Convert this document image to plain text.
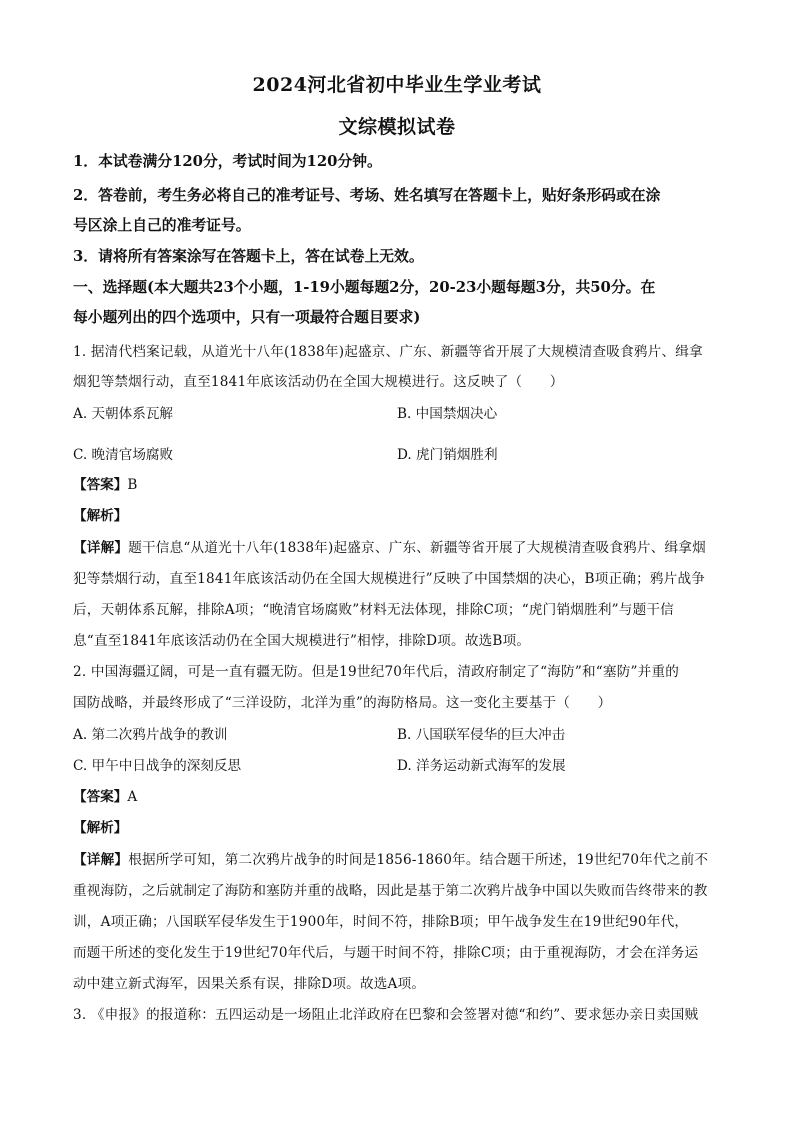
2024河北省初中毕业生学业考试
文综模拟试卷
1．本试卷满分120分，考试时间为120分钟。
2．答卷前，考生务必将自己的准考证号、考场、姓名填写在答题卡上，贴好条形码或在涂
号区涂上自己的准考证号。
3．请将所有答案涂写在答题卡上，答在试卷上无效。
一、选择题(本大题共23个小题，1-19小题每题2分，20-23小题每题3分，共50分。在
每小题列出的四个选项中，只有一项最符合题目要求)
1. 据清代档案记载，从道光十八年(1838年)起盛京、广东、新疆等省开展了大规模清查吸食鸦片、缉拿
烟犯等禁烟行动，直至1841年底该活动仍在全国大规模进行。这反映了（　　）
A. 天朝体系瓦解	B. 中国禁烟决心
C. 晚清官场腐败	D. 虎门销烟胜利
【答案】B
【解析】
【详解】题干信息“从道光十八年(1838年)起盛京、广东、新疆等省开展了大规模清查吸食鸦片、缉拿烟
犯等禁烟行动，直至1841年底该活动仍在全国大规模进行”反映了中国禁烟的决心，B项正确；鸦片战争
后，天朝体系瓦解，排除A项；“晚清官场腐败”材料无法体现，排除C项；“虎门销烟胜利”与题干信
息“直至1841年底该活动仍在全国大规模进行”相悖，排除D项。故选B项。
2. 中国海疆辽阔，可是一直有疆无防。但是19世纪70年代后，清政府制定了“海防”和“塞防”并重的
国防战略，并最终形成了“三洋设防，北洋为重”的海防格局。这一变化主要基于（　　）
A. 第二次鸦片战争的教训	B. 八国联军侵华的巨大冲击
C. 甲午中日战争的深刻反思	D. 洋务运动新式海军的发展
【答案】A
【解析】
【详解】根据所学可知，第二次鸦片战争的时间是1856-1860年。结合题干所述，19世纪70年代之前不
重视海防，之后就制定了海防和塞防并重的战略，因此是基于第二次鸦片战争中国以失败而告终带来的教
训，A项正确；八国联军侵华发生于1900年，时间不符，排除B项；甲午战争发生在19世纪90年代，
而题干所述的变化发生于19世纪70年代后，与题干时间不符，排除C项；由于重视海防，才会在洋务运
动中建立新式海军，因果关系有误，排除D项。故选A项。
3. 《申报》的报道称：五四运动是一场阻止北洋政府在巴黎和会签署对德“和约”、要求惩办亲日卖国贼
